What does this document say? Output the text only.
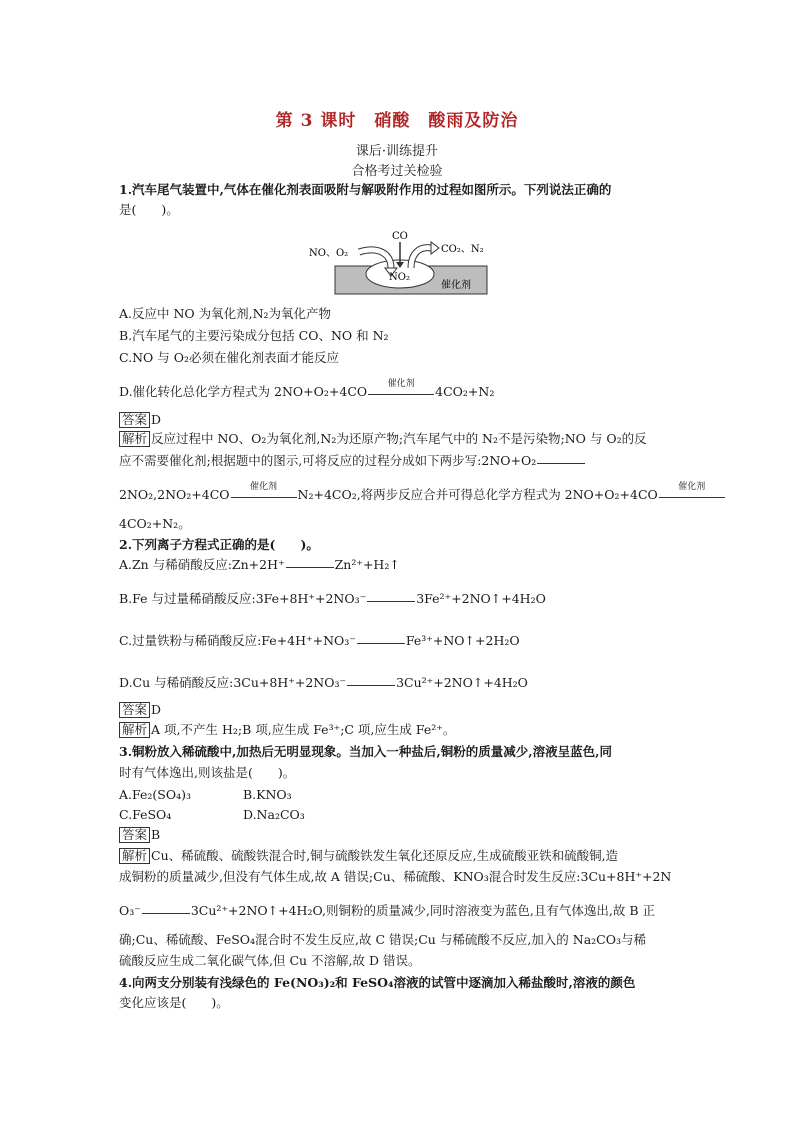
第 3 课时　硝酸　酸雨及防治
课后·训练提升
合格考过关检验
1.汽车尾气装置中,气体在催化剂表面吸附与解吸附作用的过程如图所示。下列说法正确的
是(　　)。
NO、O₂
CO
CO₂、N₂
NO₂
催化剂
A.反应中 NO 为氧化剂,N₂为氧化产物
B.汽车尾气的主要污染成分包括 CO、NO 和 N₂
C.NO 与 O₂必须在催化剂表面才能反应
D.催化转化总化学方程式为 2NO+O₂+4CO
催化剂
4CO₂+N₂
答案 D
解析 反应过程中 NO、O₂为氧化剂,N₂为还原产物;汽车尾气中的 N₂不是污染物;NO 与 O₂的反
应不需要催化剂;根据题中的图示,可将反应的过程分成如下两步写:2NO+O₂
2NO₂,2NO₂+4CO
催化剂
N₂+4CO₂,将两步反应合并可得总化学方程式为 2NO+O₂+4CO
催化剂
4CO₂+N₂。
2.下列离子方程式正确的是(　　)。
A.Zn 与稀硝酸反应:Zn+2H⁺	Zn²⁺+H₂↑
B.Fe 与过量稀硝酸反应:3Fe+8H⁺+2NO₃⁻	3Fe²⁺+2NO↑+4H₂O
C.过量铁粉与稀硝酸反应:Fe+4H⁺+NO₃⁻	Fe³⁺+NO↑+2H₂O
D.Cu 与稀硝酸反应:3Cu+8H⁺+2NO₃⁻	3Cu²⁺+2NO↑+4H₂O
答案 D
解析 A 项,不产生 H₂;B 项,应生成 Fe³⁺;C 项,应生成 Fe²⁺。
3.铜粉放入稀硫酸中,加热后无明显现象。当加入一种盐后,铜粉的质量减少,溶液呈蓝色,同
时有气体逸出,则该盐是(　　)。
A.Fe₂(SO₄)₃	B.KNO₃
C.FeSO₄	D.Na₂CO₃
答案 B
解析 Cu、稀硫酸、硫酸铁混合时,铜与硫酸铁发生氧化还原反应,生成硫酸亚铁和硫酸铜,造
成铜粉的质量减少,但没有气体生成,故 A 错误;Cu、稀硫酸、KNO₃混合时发生反应:3Cu+8H⁺+2N
O₃⁻	3Cu²⁺+2NO↑+4H₂O,则铜粉的质量减少,同时溶液变为蓝色,且有气体逸出,故 B 正
确;Cu、稀硫酸、FeSO₄混合时不发生反应,故 C 错误;Cu 与稀硫酸不反应,加入的 Na₂CO₃与稀
硫酸反应生成二氧化碳气体,但 Cu 不溶解,故 D 错误。
4.向两支分别装有浅绿色的 Fe(NO₃)₂和 FeSO₄溶液的试管中逐滴加入稀盐酸时,溶液的颜色
变化应该是(　　)。
